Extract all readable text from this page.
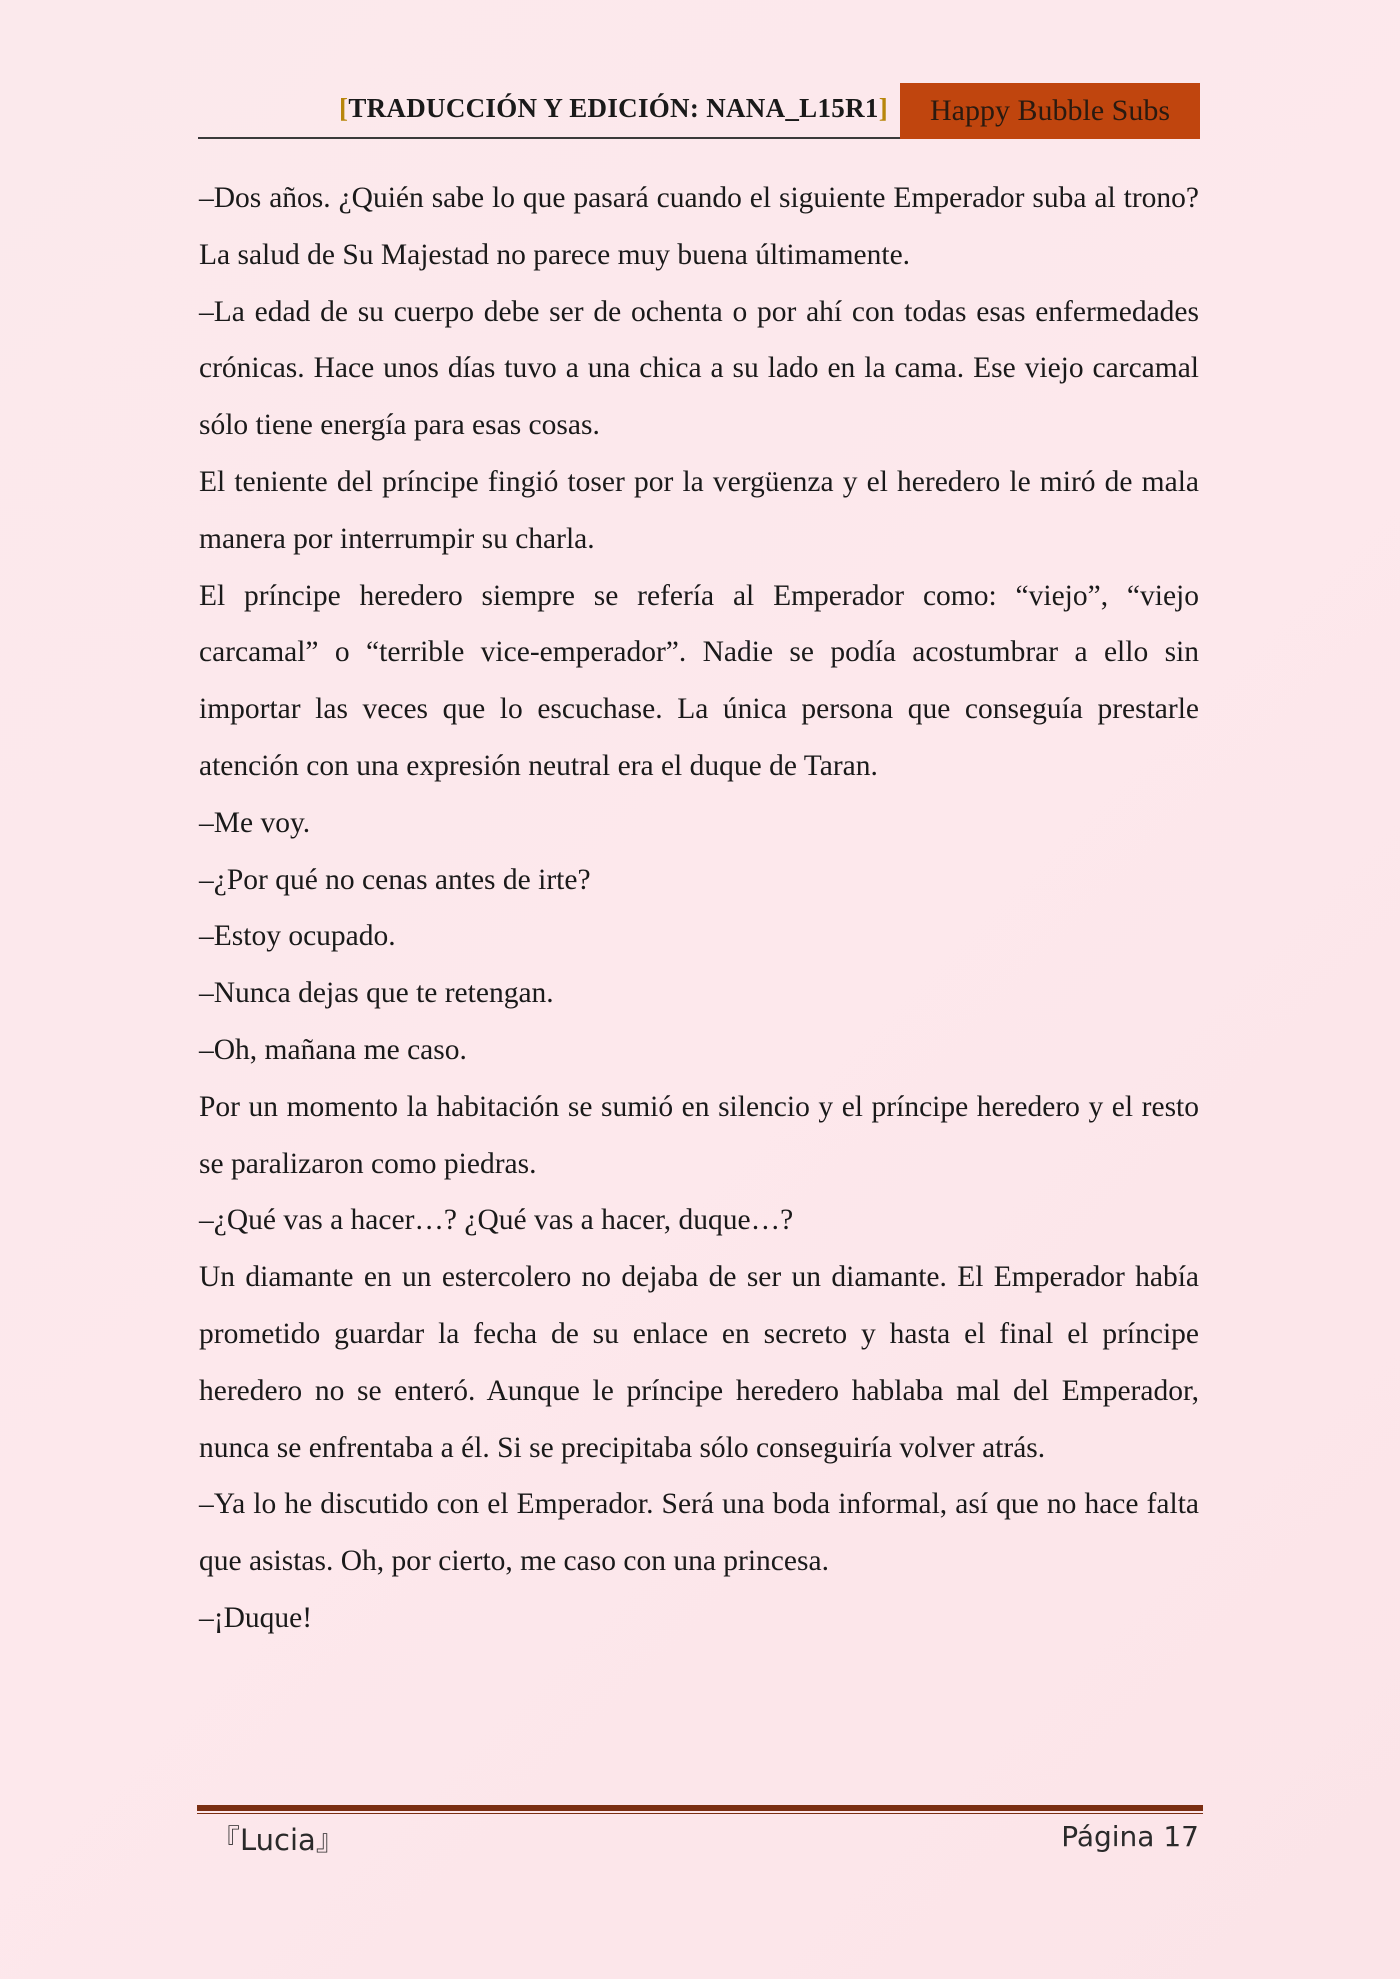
[TRADUCCIÓN Y EDICIÓN: NANA_L15R1]	Happy Bubble Subs

–Dos años. ¿Quién sabe lo que pasará cuando el siguiente Emperador suba al trono? La salud de Su Majestad no parece muy buena últimamente.

–La edad de su cuerpo debe ser de ochenta o por ahí con todas esas enfermedades crónicas. Hace unos días tuvo a una chica a su lado en la cama. Ese viejo carcamal sólo tiene energía para esas cosas.

El teniente del príncipe fingió toser por la vergüenza y el heredero le miró de mala manera por interrumpir su charla.

El príncipe heredero siempre se refería al Emperador como: “viejo”, “viejo carcamal” o “terrible vice-emperador”. Nadie se podía acostumbrar a ello sin importar las veces que lo escuchase. La única persona que conseguía prestarle atención con una expresión neutral era el duque de Taran.

–Me voy.

–¿Por qué no cenas antes de irte?

–Estoy ocupado.

–Nunca dejas que te retengan.

–Oh, mañana me caso.

Por un momento la habitación se sumió en silencio y el príncipe heredero y el resto se paralizaron como piedras.

–¿Qué vas a hacer…? ¿Qué vas a hacer, duque…?

Un diamante en un estercolero no dejaba de ser un diamante. El Emperador había prometido guardar la fecha de su enlace en secreto y hasta el final el príncipe heredero no se enteró. Aunque le príncipe heredero hablaba mal del Emperador, nunca se enfrentaba a él. Si se precipitaba sólo conseguiría volver atrás.

–Ya lo he discutido con el Emperador. Será una boda informal, así que no hace falta que asistas. Oh, por cierto, me caso con una princesa.

–¡Duque!

『Lucia』	Página 17
